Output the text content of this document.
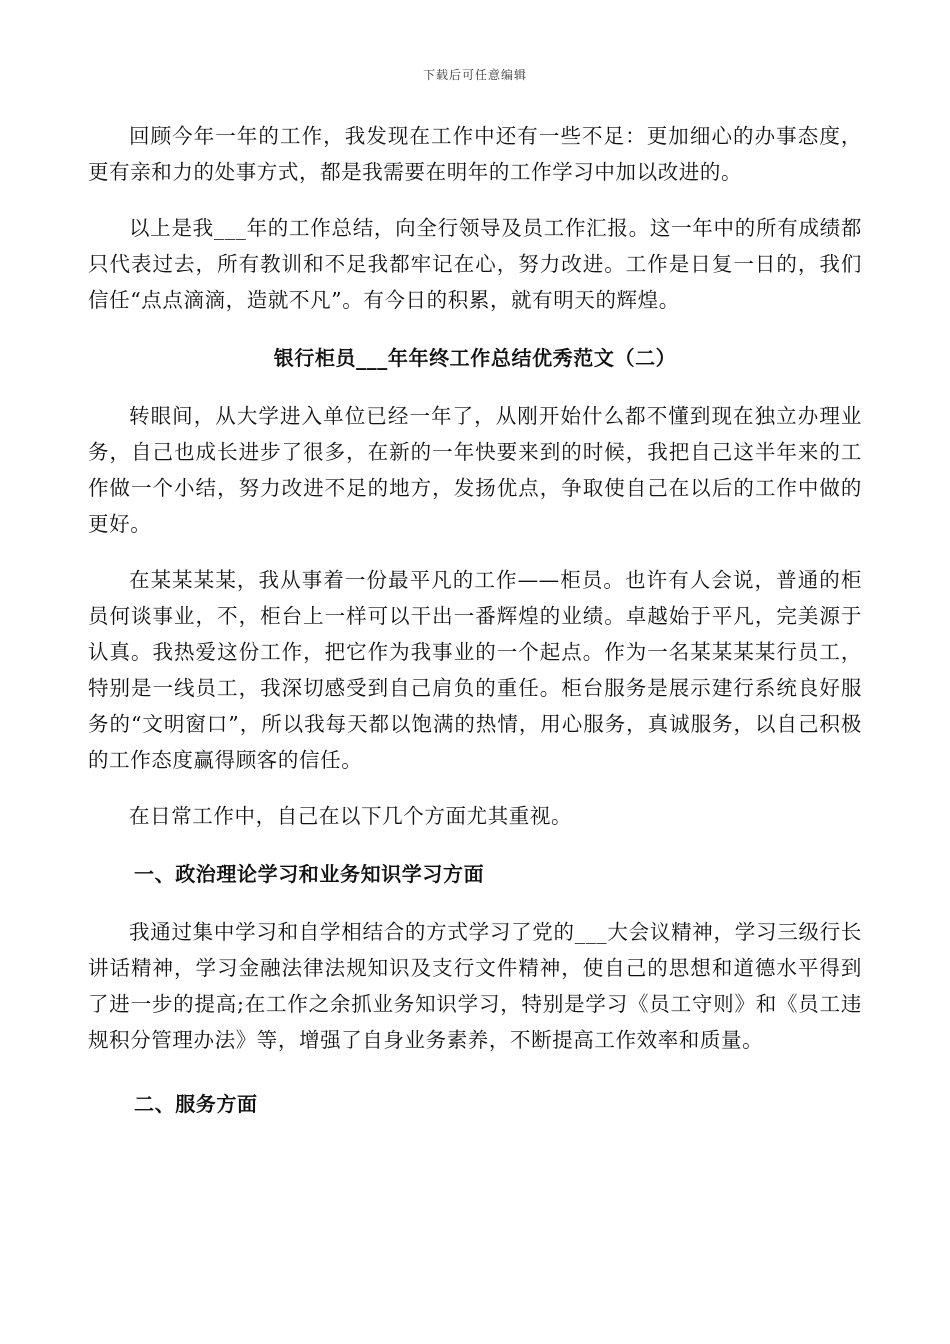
下载后可任意编辑

回顾今年一年的工作，我发现在工作中还有一些不足：更加细心的办事态度，更有亲和力的处事方式，都是我需要在明年的工作学习中加以改进的。

以上是我___年的工作总结，向全行领导及员工作汇报。这一年中的所有成绩都只代表过去，所有教训和不足我都牢记在心，努力改进。工作是日复一日的，我们信任“点点滴滴，造就不凡”。有今日的积累，就有明天的辉煌。

银行柜员___年年终工作总结优秀范文（二）

转眼间，从大学进入单位已经一年了，从刚开始什么都不懂到现在独立办理业务，自己也成长进步了很多，在新的一年快要来到的时候，我把自己这半年来的工作做一个小结，努力改进不足的地方，发扬优点，争取使自己在以后的工作中做的更好。

在某某某某，我从事着一份最平凡的工作——柜员。也许有人会说，普通的柜员何谈事业，不，柜台上一样可以干出一番辉煌的业绩。卓越始于平凡，完美源于认真。我热爱这份工作，把它作为我事业的一个起点。作为一名某某某某行员工，特别是一线员工，我深切感受到自己肩负的重任。柜台服务是展示建行系统良好服务的“文明窗口”，所以我每天都以饱满的热情，用心服务，真诚服务，以自己积极的工作态度赢得顾客的信任。

在日常工作中，自己在以下几个方面尤其重视。

一、政治理论学习和业务知识学习方面

我通过集中学习和自学相结合的方式学习了党的___大会议精神，学习三级行长讲话精神，学习金融法律法规知识及支行文件精神，使自己的思想和道德水平得到了进一步的提高;在工作之余抓业务知识学习，特别是学习《员工守则》和《员工违规积分管理办法》等，增强了自身业务素养，不断提高工作效率和质量。

二、服务方面
